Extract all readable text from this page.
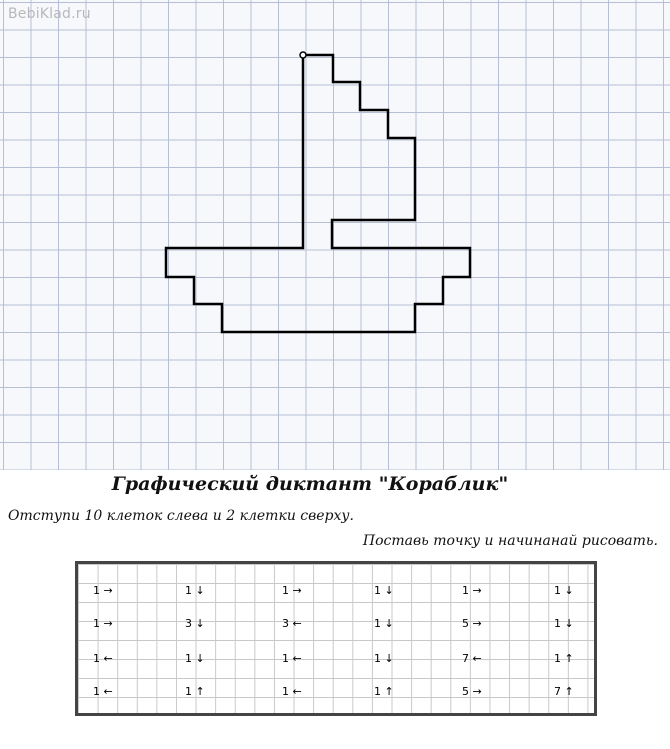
BebiKlad.ru
Графический диктант "Кораблик"
Отступи 10 клеток слева и 2 клетки сверху.
Поставь точку и начинанай рисовать.
1 →	1 ↓	1 →	1 ↓	1 →	1 ↓
1 →	3 ↓	3 ←	1 ↓	5 →	1 ↓
1 ←	1 ↓	1 ←	1 ↓	7 ←	1 ↑
1 ←	1 ↑	1 ←	1 ↑	5 →	7 ↑
